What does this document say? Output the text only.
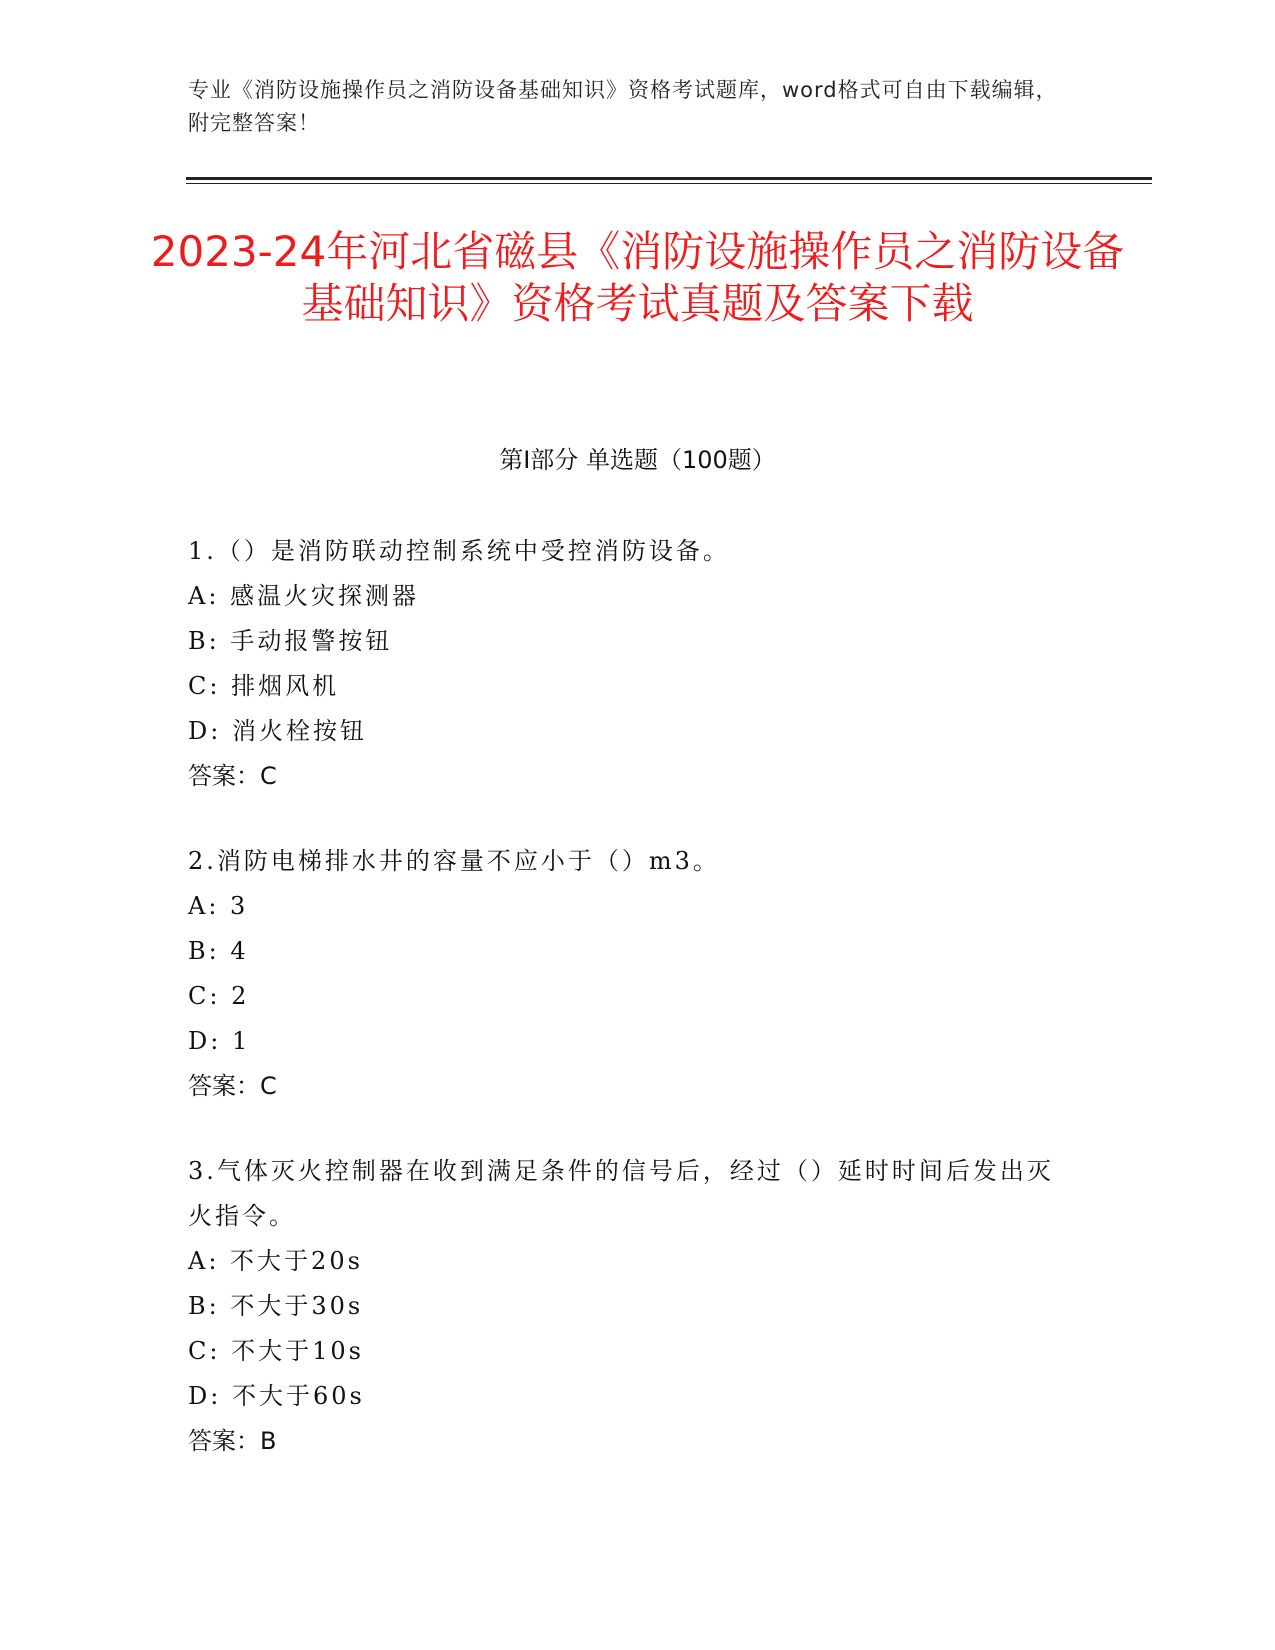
专业《消防设施操作员之消防设备基础知识》资格考试题库，word格式可自由下载编辑，附完整答案！
2023-24年河北省磁县《消防设施操作员之消防设备基础知识》资格考试真题及答案下载
第I部分 单选题（100题）
1.（）是消防联动控制系统中受控消防设备。
A: 感温火灾探测器
B: 手动报警按钮
C: 排烟风机
D: 消火栓按钮
答案：C
2.消防电梯排水井的容量不应小于（）m3。
A: 3
B: 4
C: 2
D: 1
答案：C
3.气体灭火控制器在收到满足条件的信号后，经过（）延时时间后发出灭火指令。
A: 不大于20s
B: 不大于30s
C: 不大于10s
D: 不大于60s
答案：B
